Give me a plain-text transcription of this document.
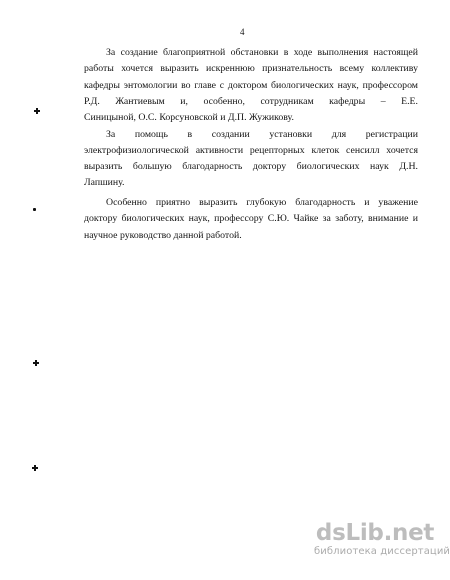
4
За создание благоприятной обстановки в ходе выполнения настоящей
работы хочется выразить искреннюю признательность всему коллективу
кафедры энтомологии во главе с доктором биологических наук, профессором
Р.Д. Жантиевым и, особенно, сотрудникам кафедры – Е.Е.
Синицыной, О.С. Корсуновской и Д.П. Жужикову.
За помощь в создании установки для регистрации
электрофизиологической активности рецепторных клеток сенсилл хочется
выразить большую благодарность доктору биологических наук Д.Н.
Лапшину.
Особенно приятно выразить глубокую благодарность и уважение
доктору биологических наук, профессору С.Ю. Чайке за заботу, внимание и
научное руководство данной работой.
dsLib.net
библиотека диссертаций
